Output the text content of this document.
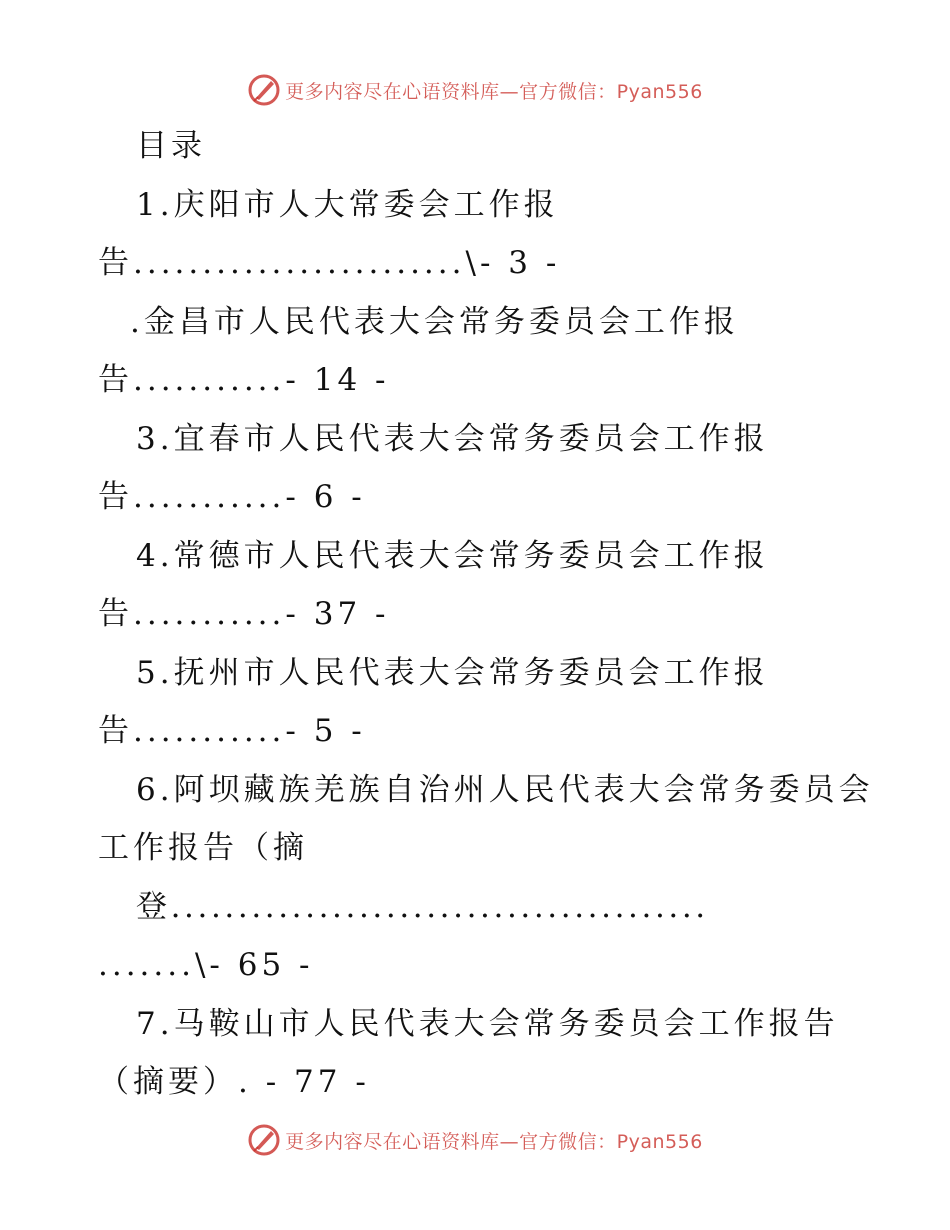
更多内容尽在心语资料库—官方微信：Pyan556
目录
1.庆阳市人大常委会工作报
告........................\- 3 -
.金昌市人民代表大会常务委员会工作报
告...........- 14 -
3.宜春市人民代表大会常务委员会工作报
告...........- 6 -
4.常德市人民代表大会常务委员会工作报
告...........- 37 -
5.抚州市人民代表大会常务委员会工作报
告...........- 5 -
6.阿坝藏族羌族自治州人民代表大会常务委员会
工作报告（摘
登........................................
.......\- 65 -
7.马鞍山市人民代表大会常务委员会工作报告
（摘要）. - 77 -
更多内容尽在心语资料库—官方微信：Pyan556
